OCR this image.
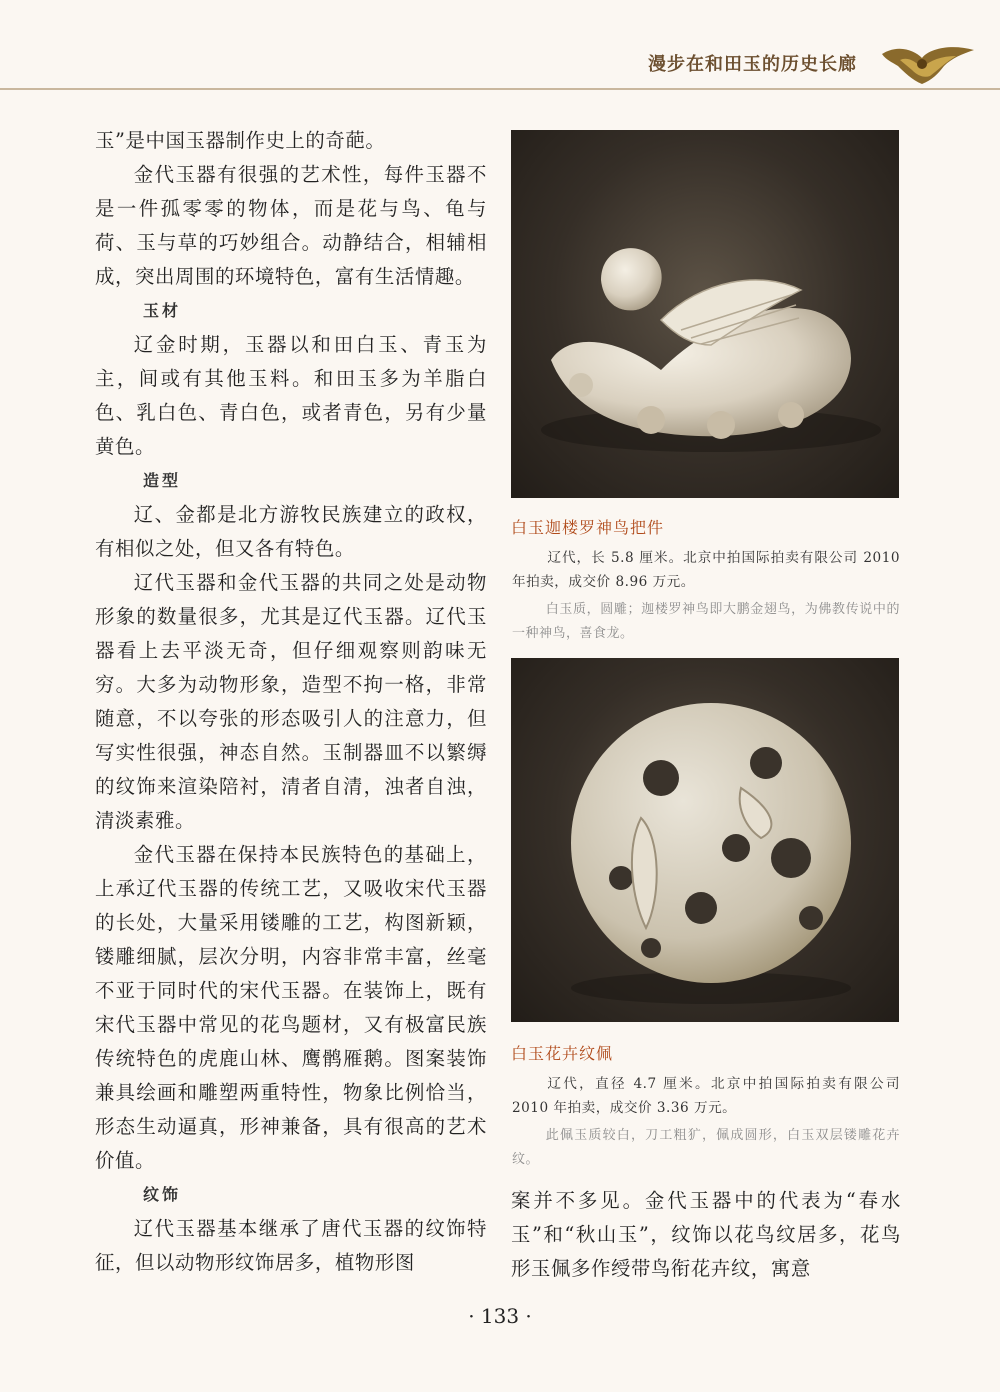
漫步在和田玉的历史长廊

玉”是中国玉器制作史上的奇葩。

金代玉器有很强的艺术性，每件玉器不是一件孤零零的物体，而是花与鸟、龟与荷、玉与草的巧妙组合。动静结合，相辅相成，突出周围的环境特色，富有生活情趣。

玉材

辽金时期，玉器以和田白玉、青玉为主，间或有其他玉料。和田玉多为羊脂白色、乳白色、青白色，或者青色，另有少量黄色。

造型

辽、金都是北方游牧民族建立的政权，有相似之处，但又各有特色。

辽代玉器和金代玉器的共同之处是动物形象的数量很多，尤其是辽代玉器。辽代玉器看上去平淡无奇，但仔细观察则韵味无穷。大多为动物形象，造型不拘一格，非常随意，不以夸张的形态吸引人的注意力，但写实性很强，神态自然。玉制器皿不以繁缛的纹饰来渲染陪衬，清者自清，浊者自浊，清淡素雅。

金代玉器在保持本民族特色的基础上，上承辽代玉器的传统工艺，又吸收宋代玉器的长处，大量采用镂雕的工艺，构图新颖，镂雕细腻，层次分明，内容非常丰富，丝毫不亚于同时代的宋代玉器。在装饰上，既有宋代玉器中常见的花鸟题材，又有极富民族传统特色的虎鹿山林、鹰鹘雁鹅。图案装饰兼具绘画和雕塑两重特性，物象比例恰当，形态生动逼真，形神兼备，具有很高的艺术价值。

纹饰

辽代玉器基本继承了唐代玉器的纹饰特征，但以动物形纹饰居多，植物形图

白玉迦楼罗神鸟把件

辽代，长 5.8 厘米。北京中拍国际拍卖有限公司 2010 年拍卖，成交价 8.96 万元。

白玉质，圆雕；迦楼罗神鸟即大鹏金翅鸟，为佛教传说中的一种神鸟，喜食龙。

白玉花卉纹佩

辽代，直径 4.7 厘米。北京中拍国际拍卖有限公司 2010 年拍卖，成交价 3.36 万元。

此佩玉质较白，刀工粗犷，佩成圆形，白玉双层镂雕花卉纹。

案并不多见。金代玉器中的代表为“春水玉”和“秋山玉”，纹饰以花鸟纹居多，花鸟形玉佩多作绶带鸟衔花卉纹，寓意

· 133 ·
